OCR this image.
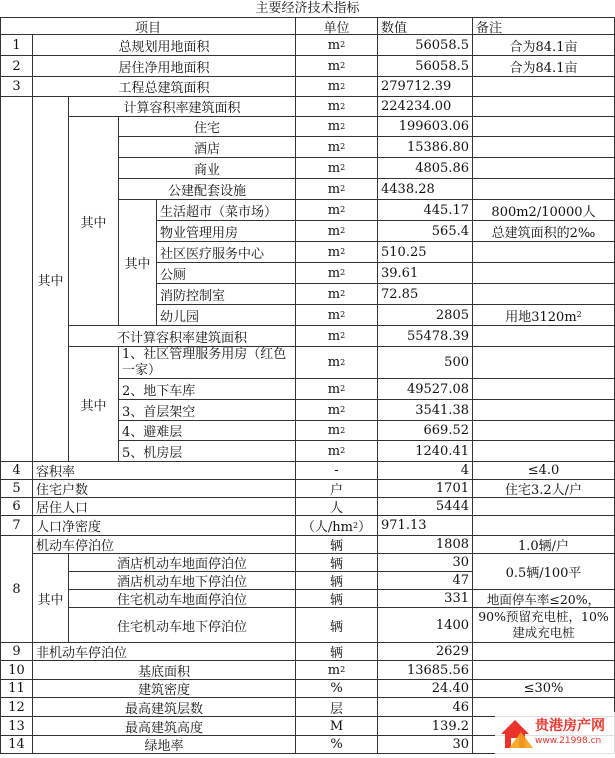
主要经济技术指标
项目	单位	数值	备注
1	总规划用地面积	m 2	56058.5	合为84.1亩
2	居住净用地面积	m 2	56058.5	合为84.1亩
3	工程总建筑面积	m 2	279712.39
其中
计算容积率建筑面积	m 2	224234.00
其中
住宅	m 2	199603.06
酒店	m 2	15386.80
商业	m 2	4805.86
公建配套设施	m 2	4438.28
其中
生活超市（菜市场）	m 2	445.17	800m2/10000人
物业管理用房	m 2	565.4	总建筑面积的2‰
社区医疗服务中心	m 2	510.25
公厕	m 2	39.61
消防控制室	m 2	72.85
幼儿园	m 2	2805	用地3120m 2
不计算容积率建筑面积	m 2	55478.39
其中
1、社区管理服务用房（红色一家）	m 2	500
2、地下车库	m 2	49527.08
3、首层架空	m 2	3541.38
4、避难层	m 2	669.52
5、机房层	m 2	1240.41
4	容积率	-	4	≤4.0
5	住宅户数	户	1701	住宅3.2人/户
6	居住人口	人	5444
7	人口净密度	（人/hm 2 ） 971.13
8
机动车停泊位	辆	1808	1.0辆/户
其中
酒店机动车地面停泊位	辆	30
酒店机动车地下停泊位	辆	47	0.5辆/100平
住宅机动车地面停泊位	辆	331	地面停车率≤20%，
住宅机动车地下停泊位	辆	1400
90%预留充电桩，10%建成充电桩
9	非机动车停泊位	辆	2629
10	基底面积	m 2	13685.56
11	建筑密度	%	24.40	≤30%
12	最高建筑层数	层	46
13	最高建筑高度	M	139.2
14	绿地率	%	30
贵港房产网
www.21998.cn
